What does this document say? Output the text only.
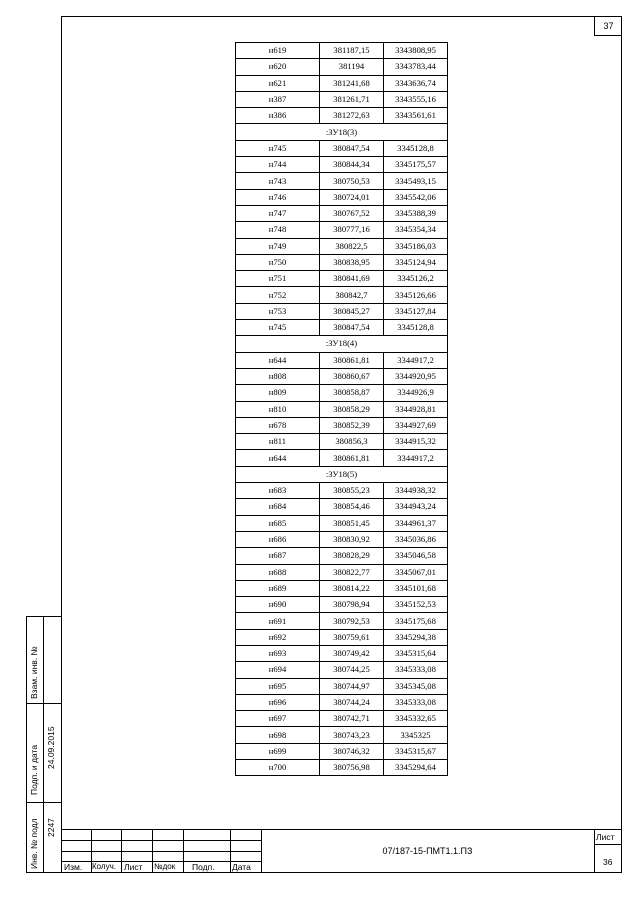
37
н619	381187,15	3343808,95
н620	381194	3343783,44
н621	381241,68	3343636,74
н387	381261,71	3343555,16
н386	381272,63	3343561,61
:ЗУ18(3)		
н745	380847,54	3345128,8
н744	380844,34	3345175,57
н743	380750,53	3345493,15
н746	380724,01	3345542,06
н747	380767,52	3345388,39
н748	380777,16	3345354,34
н749	380822,5	3345186,03
н750	380838,95	3345124,94
н751	380841,69	3345126,2
н752	380842,7	3345126,66
н753	380845,27	3345127,84
н745	380847,54	3345128,8
:ЗУ18(4)		
н644	380861,81	3344917,2
н808	380860,67	3344920,95
н809	380858,87	3344926,9
н810	380858,29	3344928,81
н678	380852,39	3344927,69
н811	380856,3	3344915,32
н644	380861,81	3344917,2
:ЗУ18(5)		
н683	380855,23	3344938,32
н684	380854,46	3344943,24
н685	380851,45	3344961,37
н686	380830,92	3345036,86
н687	380828,29	3345046,58
н688	380822,77	3345067,01
н689	380814,22	3345101,68
н690	380798,94	3345152,53
н691	380792,53	3345175,68
н692	380759,61	3345294,38
н693	380749,42	3345315,64
н694	380744,25	3345333,08
н695	380744,97	3345345,08
н696	380744,24	3345333,08
н697	380742,71	3345332,65
н698	380743,23	3345325
н699	380746,32	3345315,67
н700	380756,98	3345294,64
Взам. инв. №
Подп. и дата 24.09.2015
Инв. № подл 2247
Изм. Колуч. Лист №док Подп. Дата
07/187-15-ПМТ1.1.ПЗ
Лист
36
